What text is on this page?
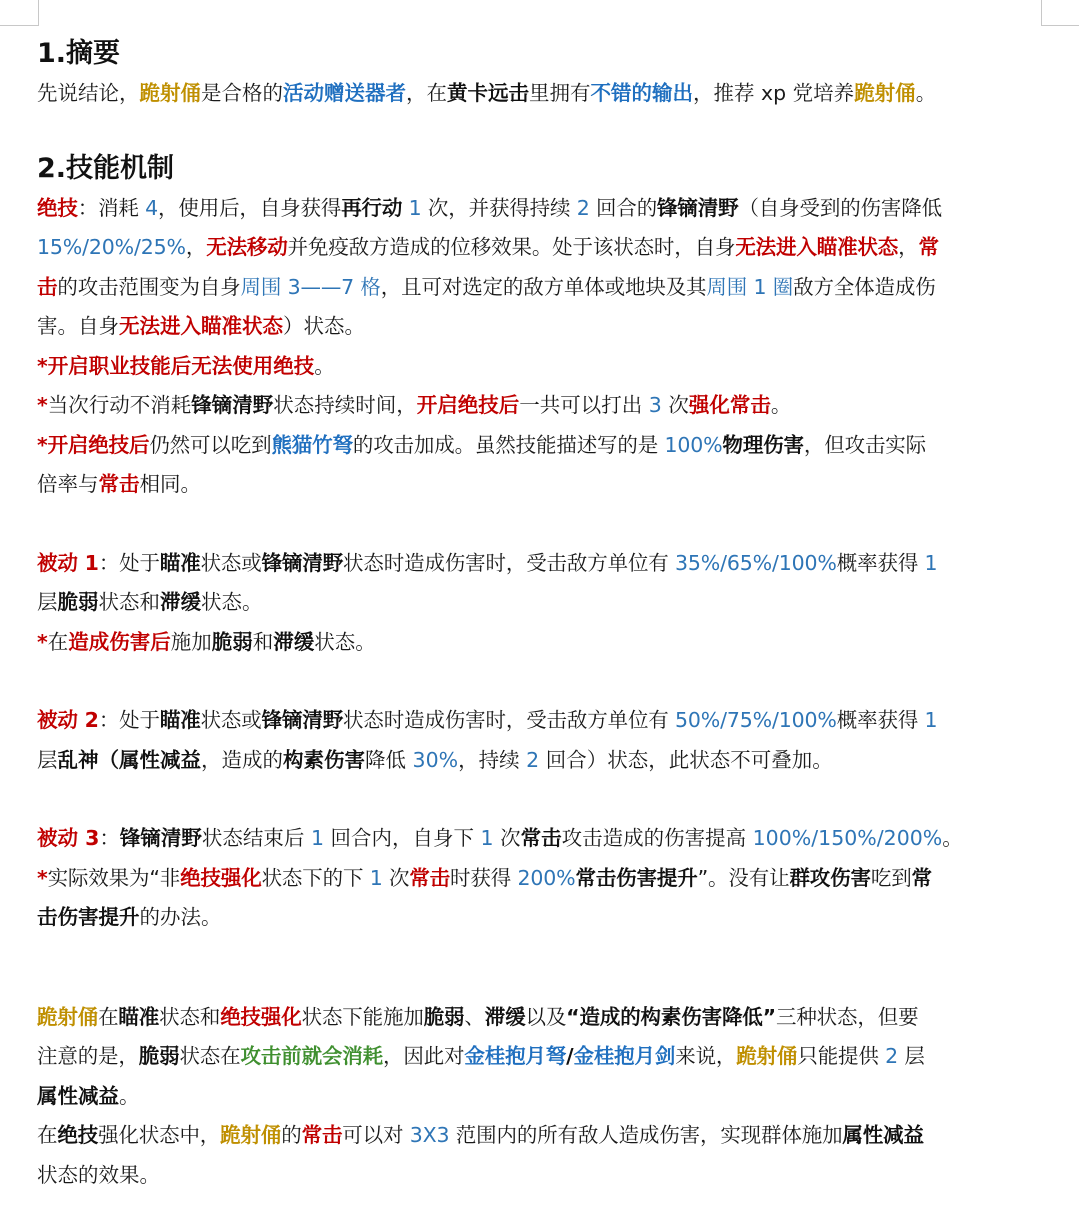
1.摘要
先说结论，跪射俑是合格的活动赠送器者，在黄卡远击里拥有不错的输出，推荐 xp 党培养跪射俑。
2.技能机制
绝技：消耗 4，使用后，自身获得再行动 1 次，并获得持续 2 回合的锋镝清野（自身受到的伤害降低
15%/20%/25%，无法移动并免疫敌方造成的位移效果。处于该状态时，自身无法进入瞄准状态，常
击的攻击范围变为自身周围 3——7 格，且可对选定的敌方单体或地块及其周围 1 圈敌方全体造成伤
害。自身无法进入瞄准状态）状态。
*开启职业技能后无法使用绝技。
*当次行动不消耗锋镝清野状态持续时间，开启绝技后一共可以打出 3 次强化常击。
*开启绝技后仍然可以吃到熊猫竹弩的攻击加成。虽然技能描述写的是 100%物理伤害，但攻击实际
倍率与常击相同。
被动 1：处于瞄准状态或锋镝清野状态时造成伤害时，受击敌方单位有 35%/65%/100%概率获得 1
层脆弱状态和滞缓状态。
*在造成伤害后施加脆弱和滞缓状态。
被动 2：处于瞄准状态或锋镝清野状态时造成伤害时，受击敌方单位有 50%/75%/100%概率获得 1
层乱神（属性减益，造成的构素伤害降低 30%，持续 2 回合）状态，此状态不可叠加。
被动 3：锋镝清野状态结束后 1 回合内，自身下 1 次常击攻击造成的伤害提高 100%/150%/200%。
*实际效果为“非绝技强化状态下的下 1 次常击时获得 200%常击伤害提升”。没有让群攻伤害吃到常
击伤害提升的办法。
跪射俑在瞄准状态和绝技强化状态下能施加脆弱、滞缓以及“造成的构素伤害降低”三种状态，但要
注意的是，脆弱状态在攻击前就会消耗，因此对金桂抱月弩/金桂抱月剑来说，跪射俑只能提供 2 层
属性减益。
在绝技强化状态中，跪射俑的常击可以对 3X3 范围内的所有敌人造成伤害，实现群体施加属性减益
状态的效果。
